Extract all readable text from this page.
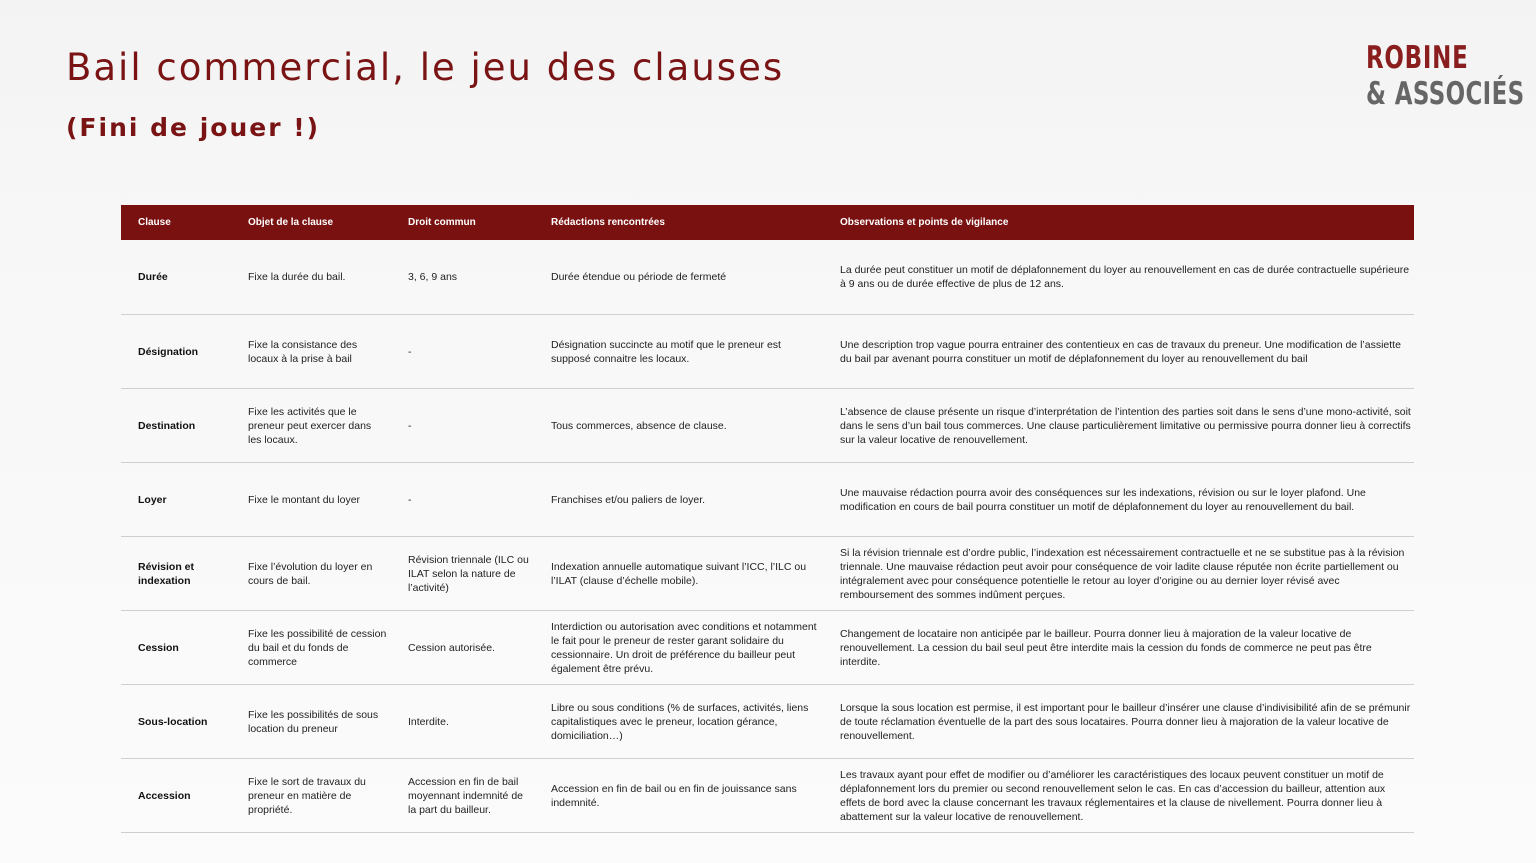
Bail commercial, le jeu des clauses
(Fini de jouer !)
ROBINE
& ASSOCIÉS
Clause	Objet de la clause	Droit commun	Rédactions rencontrées	Observations et points de vigilance
Durée	Fixe la durée du bail.	3, 6, 9 ans	Durée étendue ou période de fermeté	La durée peut constituer un motif de déplafonnement du loyer au renouvellement en cas de durée contractuelle supérieure à 9 ans ou de durée effective de plus de 12 ans.
Désignation	Fixe la consistance des locaux à la prise à bail	-	Désignation succincte au motif que le preneur est supposé connaitre les locaux.	Une description trop vague pourra entrainer des contentieux en cas de travaux du preneur. Une modification de l’assiette du bail par avenant pourra constituer un motif de déplafonnement du loyer au renouvellement du bail
Destination	Fixe les activités que le preneur peut exercer dans les locaux.	-	Tous commerces, absence de clause.	L’absence de clause présente un risque d’interprétation de l’intention des parties soit dans le sens d’une mono-activité, soit dans le sens d’un bail tous commerces. Une clause particulièrement limitative ou permissive pourra donner lieu à correctifs sur la valeur locative de renouvellement.
Loyer	Fixe le montant du loyer	-	Franchises et/ou paliers de loyer.	Une mauvaise rédaction pourra avoir des conséquences sur les indexations, révision ou sur le loyer plafond. Une modification en cours de bail pourra constituer un motif de déplafonnement du loyer au renouvellement du bail.
Révision et indexation	Fixe l’évolution du loyer en cours de bail.	Révision triennale (ILC ou ILAT selon la nature de l’activité)	Indexation annuelle automatique suivant l’ICC, l’ILC ou l’ILAT (clause d’échelle mobile).	Si la révision triennale est d’ordre public, l’indexation est nécessairement contractuelle et ne se substitue pas à la révision triennale. Une mauvaise rédaction peut avoir pour conséquence de voir ladite clause réputée non écrite partiellement ou intégralement avec pour conséquence potentielle le retour au loyer d’origine ou au dernier loyer révisé avec remboursement des sommes indûment perçues.
Cession	Fixe les possibilité de cession du bail et du fonds de commerce	Cession autorisée.	Interdiction ou autorisation avec conditions et notamment le fait pour le preneur de rester garant solidaire du cessionnaire. Un droit de préférence du bailleur peut également être prévu.	Changement de locataire non anticipée par le bailleur. Pourra donner lieu à majoration de la valeur locative de renouvellement. La cession du bail seul peut être interdite mais la cession du fonds de commerce ne peut pas être interdite.
Sous-location	Fixe les possibilités de sous location du preneur	Interdite.	Libre ou sous conditions (% de surfaces, activités, liens capitalistiques avec le preneur, location gérance, domiciliation…)	Lorsque la sous location est permise, il est important pour le bailleur d’insérer une clause d’indivisibilité afin de se prémunir de toute réclamation éventuelle de la part des sous locataires. Pourra donner lieu à majoration de la valeur locative de renouvellement.
Accession	Fixe le sort de travaux du preneur en matière de propriété.	Accession en fin de bail moyennant indemnité de la part du bailleur.	Accession en fin de bail ou en fin de jouissance sans indemnité.	Les travaux ayant pour effet de modifier ou d’améliorer les caractéristiques des locaux peuvent constituer un motif de déplafonnement lors du premier ou second renouvellement selon le cas. En cas d’accession du bailleur, attention aux effets de bord avec la clause concernant les travaux réglementaires et la clause de nivellement. Pourra donner lieu à abattement sur la valeur locative de renouvellement.
